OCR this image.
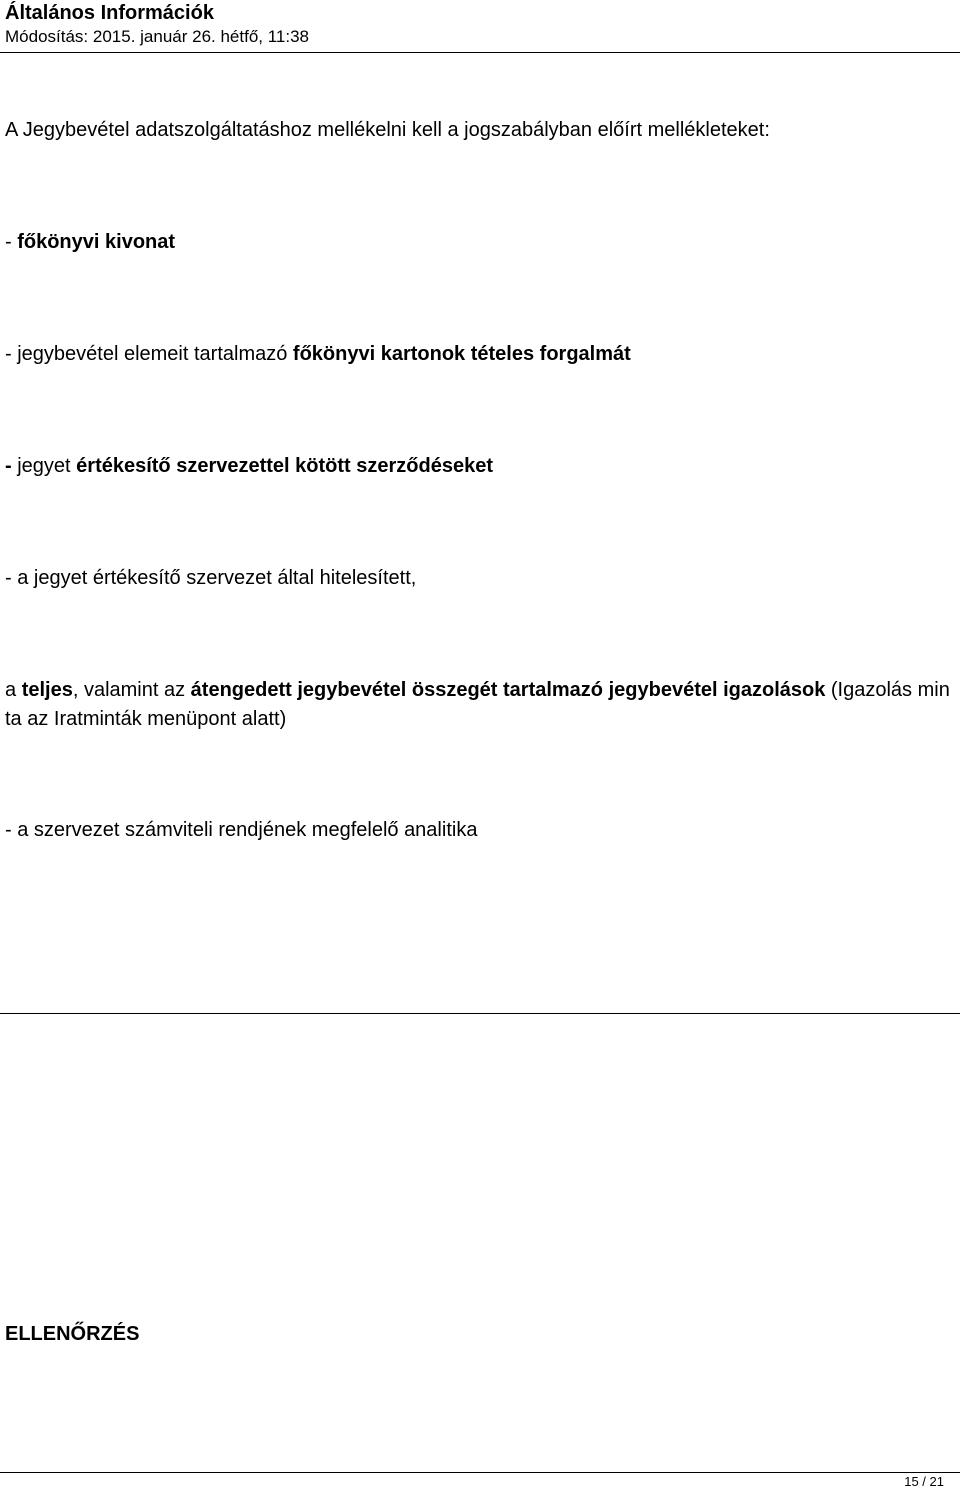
Általános Információk
Módosítás: 2015. január 26. hétfő, 11:38

A Jegybevétel adatszolgáltatáshoz mellékelni kell a jogszabályban előírt mellékleteket:

- főkönyvi kivonat

- jegybevétel elemeit tartalmazó főkönyvi kartonok tételes forgalmát

- jegyet értékesítő szervezettel kötött szerződéseket

- a jegyet értékesítő szervezet által hitelesített,

a teljes, valamint az átengedett jegybevétel összegét tartalmazó jegybevétel igazolások (Igazolás minta az Iratminták menüpont alatt)

- a szervezet számviteli rendjének megfelelő analitika

ELLENŐRZÉS
15 / 21
